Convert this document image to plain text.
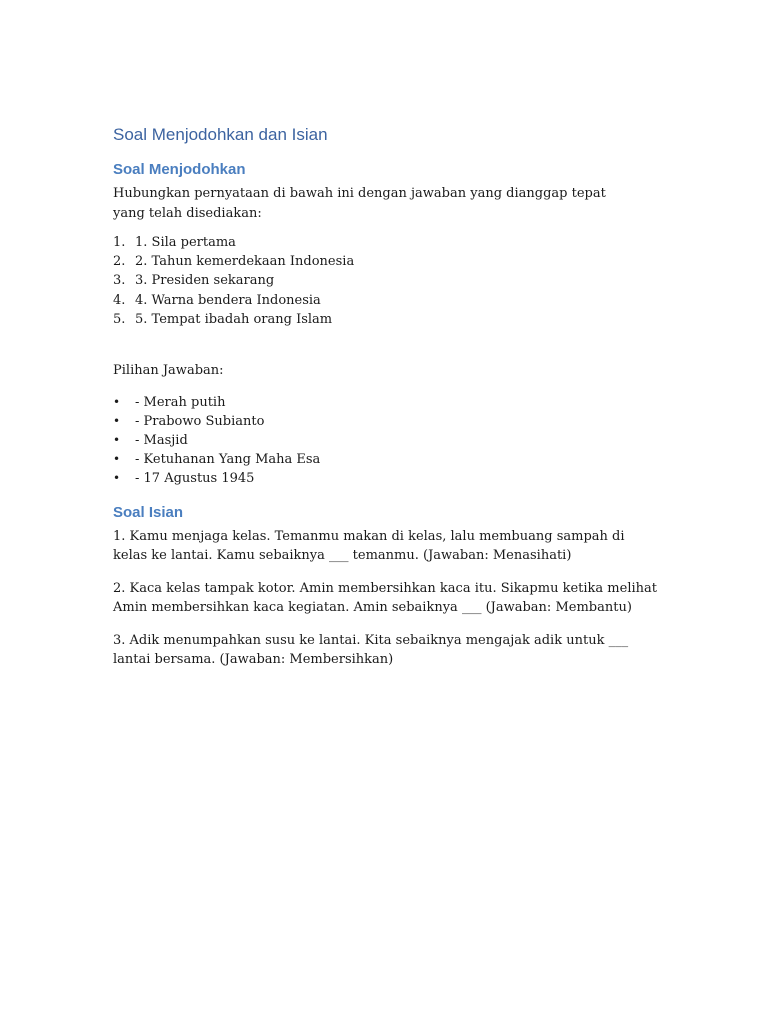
Soal Menjodohkan dan Isian
Soal Menjodohkan

Hubungkan pernyataan di bawah ini dengan jawaban yang dianggap tepat yang telah disediakan:

1. 1. Sila pertama
2. 2. Tahun kemerdekaan Indonesia
3. 3. Presiden sekarang
4. 4. Warna bendera Indonesia
5. 5. Tempat ibadah orang Islam

Pilihan Jawaban:

•	- Merah putih
•	- Prabowo Subianto
•	- Masjid
•	- Ketuhanan Yang Maha Esa
•	- 17 Agustus 1945
Soal Isian

1. Kamu menjaga kelas. Temanmu makan di kelas, lalu membuang sampah di kelas ke lantai. Kamu sebaiknya ___ temanmu. (Jawaban: Menasihati)

2. Kaca kelas tampak kotor. Amin membersihkan kaca itu. Sikapmu ketika melihat Amin membersihkan kaca kegiatan. Amin sebaiknya ___ (Jawaban: Membantu)

3. Adik menumpahkan susu ke lantai. Kita sebaiknya mengajak adik untuk ___ lantai bersama. (Jawaban: Membersihkan)
